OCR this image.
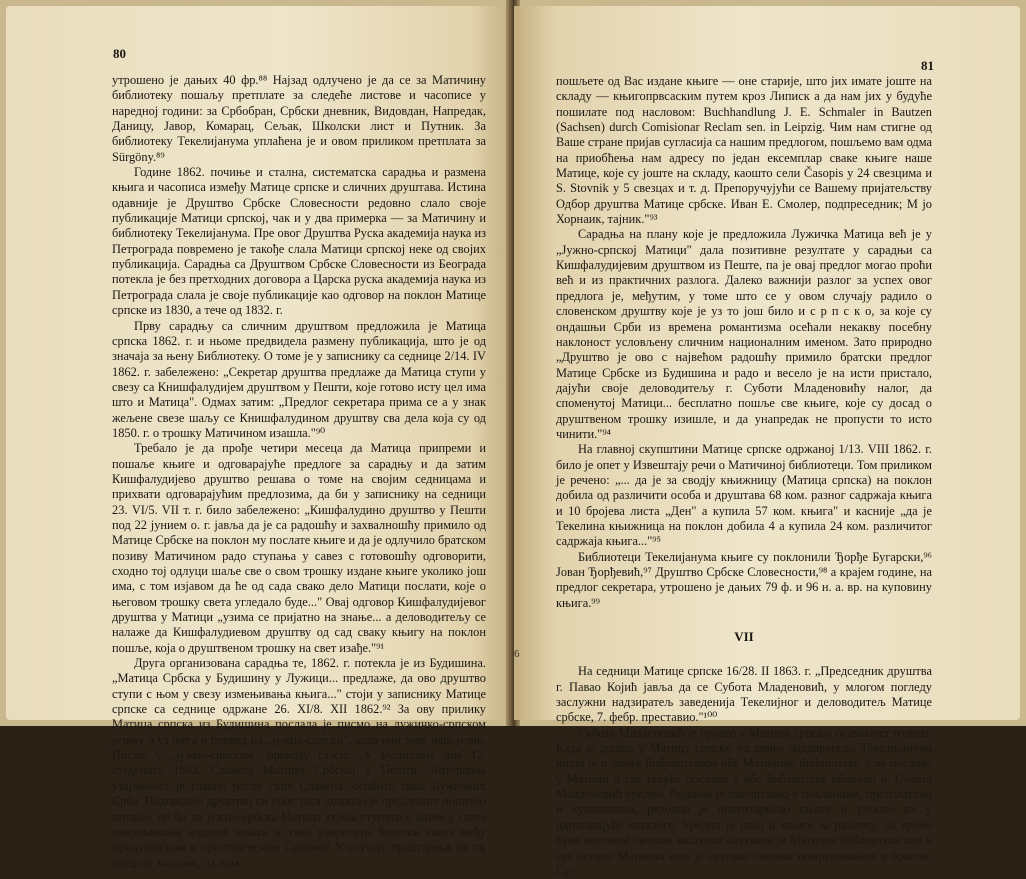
80

утрошено је дањих 40 фр.⁸⁸ Најзад одлучено је да се за Матичину библиотеку пошаљу претплате за следеће листове и часописе у наредној години: за Србобран, Србски дневник, Видовдан, Напредак, Даницу, Јавор, Комарац, Сељак, Школски лист и Путник. За библиотеку Текелијанума уплаћена је и овом приликом претплата за Sürgöny.⁸⁹

Године 1862. почиње и стална, систематска сарадња и размена књига и часописа између Матице српске и сличних друштава. Истина одавније је Друштво Србске Словесности редовно слало своје публикације Матици српској, чак и у два примерка — за Матичину и библиотеку Текелијанума. Пре овог Друштва Руска академија наука из Петрограда повремено је такође слала Матици српској неке од својих публикација. Сарадња са Друштвом Србске Словесности из Београда потекла је без претходних договора а Царска руска академија наука из Петрограда слала је своје публикације као одговор на поклон Матице српске из 1830, а тече од 1832. г.

Прву сарадњу са сличним друштвом предложила је Матица српска 1862. г. и ньоме предвидела размену публикација, што је од значаја за њену Библиотеку. О томе је у записнику са седнице 2/14. IV 1862. г. забележено: „Секретар друштва предлаже да Матица ступи у свезу са Книшфалудијем друштвом у Пешти, које готово исту цел има што и Матица". Одмах затим: „Предлог секретара прима се а у знак жељене свезе шаљу се Книшфалудином друштву сва дела која су од 1850. г. о трошку Матичином изашла."⁹⁰

Требало је да прође четири месеца да Матица припреми и пошаље књиге и одговарајуће предлоге за сарадњу и да затим Кишфалудијево друштво решава о томе на својим седницама и прихвати одговарајућим предлозима, да би у записнику на седници 23. VI/5. VII т. г. било забележено: „Кишфалудино друштво у Пешти под 22 јунием о. г. јавља да је са радошћу и захвалношћу примило од Матице Србске на поклон му послате књиге и да је одлучило братском позиву Матичином радо ступања у савез с готовошћу одговорити, сходно тој одлуци шаље све о свом трошку издане књиге уколико још има, с том изјавом да ће од сада свако дело Матици послати, које о његовом трошку света угледало буде..." Овај одговор Кишфалудијевог друштва у Матици „узима се пријатно на знање... а деловодитељу се налаже да Кишфалудиевом друштву од сад сваку књигу на поклон пошље, која о друштвеном трошку на свет изађе."⁹¹

Друга организована сарадња те, 1862. г. потекла је из Будишина. „Матица Србска у Будишину у Лужици... предлаже, да ово друштво ступи с њом у свезу измењивања књига..." стоји у записнику Матице српске са седнице одржане 26. XI/8. XII 1862.⁹² За ову прилику Матица српска из Будишина послала је писмо на лужичко-српском језику а уз њега и превод на „јужно-српски", како они зову наш језик. Писмо у „јужно-српском" преводу гласи: „У Будишину дне 12. студенога 1862. Славној Матици Србској у Пешти. Литерарна узајамност је главно ресло свих Славена, особито пако Лужичких Срба. Подписано друштво си обог тога дозвољује предложит понизно питање, не би ли јужно-србска Матица хтјела ступити с њиме у савез измјењивања издатих књига и тако учврстити братски савез међу придунајским и приспрјенским Србима? У случају пристајања на тај предлог молимо, да нам

81
6

пошљете од Вас издане књиге — оне старије, што јих имате јоште на складу — књигопрвсаским путем кроз Липиск а да нам јих у будуће пошилате под насловом: Buchhandlung J. E. Schmaler in Bautzen (Sachsen) durch Comisionar Reclam sen. in Leipzig. Чим нам стигне од Ваше стране пријав сугласија са нашим предлогом, пошљемо вам одма на приобћења нам адресу по један ексемплар сваке књиге наше Матице, које су јоште на складу, каошто сели Časopis у 24 свезцима и S. Stovnik у 5 свезцах и т. д. Препоручујући се Вашему пријатељству Одбор друштва Матице србске. Иван Е. Смолер, подпреседник; М јо Хорнаик, тајник."⁹³

Сарадња на плану које је предложила Лужичка Матица већ је у „Јужно-српској Матици" дала позитивне резултате у сарадњи са Кишфалудијевим друштвом из Пеште, па је овај предлог могао проћи већ и из практичних разлога. Далеко важнији разлог за успех овог предлога је, међутим, у томе што се у овом случају радило о словенском друштву које је уз то још било и с р п с к о, за које су ондашњи Срби из времена романтизма осећали некакву посебну наклоност условљену сличним националним именом. Зато природно „Друштво је ово с највећом радошћу примило братски предлог Матице Србске из Будишина и радо и весело је на исти пристало, дајући своје деловодитељу г. Суботи Младеновићу налог, да споменутој Матици... бесплатно пошље све књиге, које су досад о друштвеном трошку изишле, и да унапредак не пропусти то исто чинити."⁹⁴

На главној скупштини Матице српске одржаној 1/13. VIII 1862. г. било је опет у Извештају речи о Матичиној библиотеци. Том приликом је речено: „... да је за сводју књижницу (Матица српска) на поклон добила од различити особа и друштава 68 ком. разног садржаја књига и 10 бројева листа „Ден" а купила 57 ком. књига" и касније „да је Текелина књижница на поклон добила 4 а купила 24 ком. различитог садржаја књига..."⁹⁵

Библиотеци Текелијанума књиге су поклонили Ђорђе Бугарски,⁹⁶ Јован Ђорђевић,⁹⁷ Друштво Србске Словесности,⁹⁸ а крајем године, на предлог секретара, утрошено је дањих 79 ф. и 96 н. а. вр. на куповину књига.⁹⁹

VII

На седници Матице српске 16/28. II 1863. г. „Председник друштва г. Павао Којић јавља да се Субота Младеновић, у млогом погледу заслужни надзиратељ заведенија Текелијног и деловодитељ Матице србске, 7. фебр. преставио."¹⁰⁰

Субота Младеновић је провео у Матици српској осамнаест година. Када је дошао у Матицу српску, уз звање надзиратеља Текелијанума ишло је и звање библиотекара обе Матичине библиотеке. Све послове у Матици и све текуће послове у обе библиотеке обављао је Субота Младеновић уредно. Редовно је извештавао о поклонима, претплатама и куповинама, редовно је инвентарисао књиге и уносио их у одговарајуће каталоге. Уредно је слао и књиге за размену. За време буне његовом личном заслугом сачувана је Матична библиотека као и све остало Матично што је сачувао личним пожртвовањем и бригом. Су-
